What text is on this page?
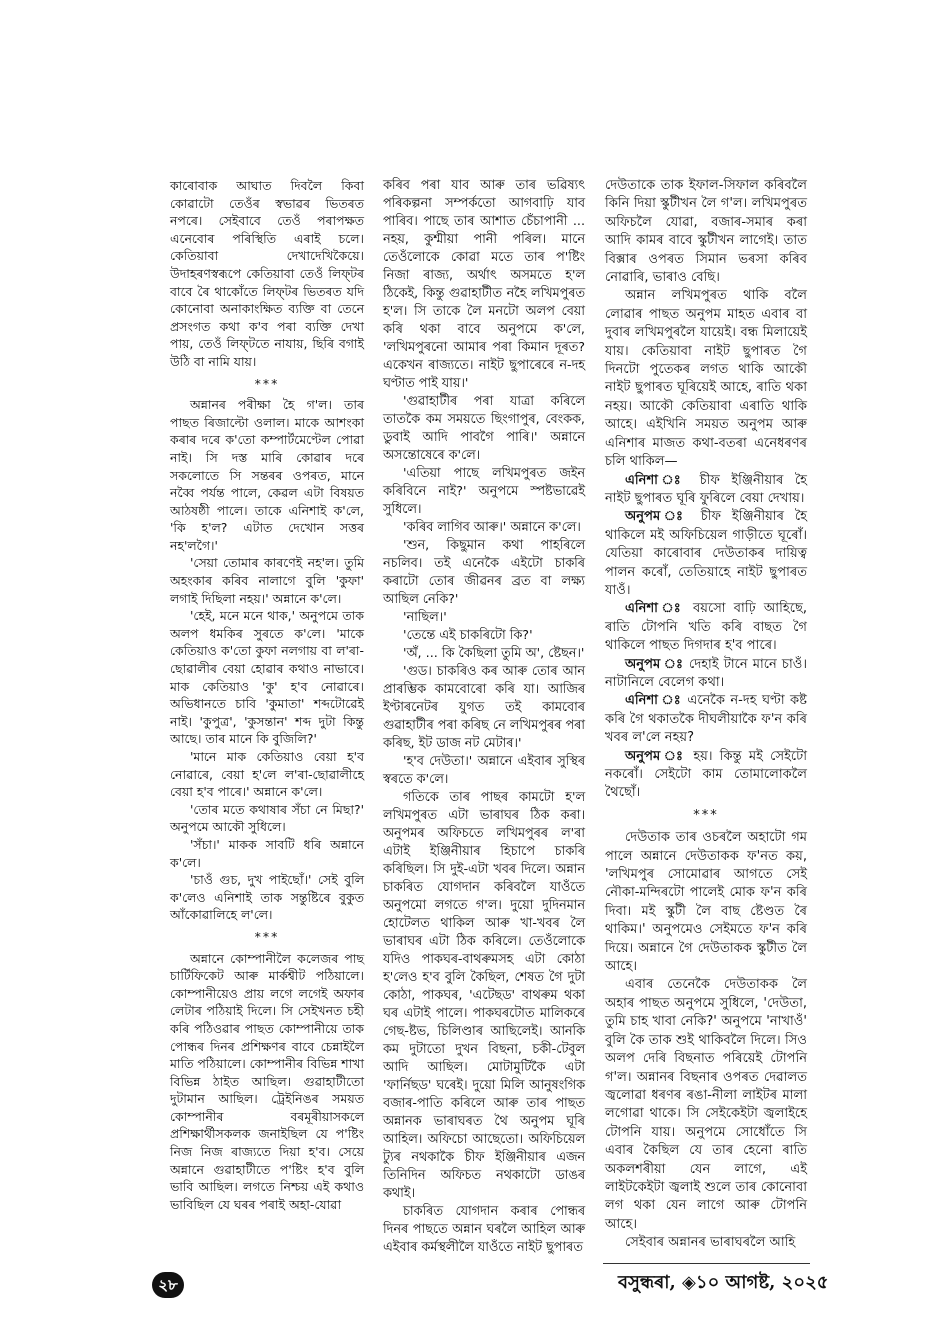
কাৰোবাক আঘাত দিবলৈ কিবা কোৱাটো তেওঁৰ স্বভাৱৰ ভিতৰত নপৰে। সেইবাবে তেওঁ পৰাপক্ষত এনেবোৰ পৰিস্থিতি এৰাই চলে। কেতিয়াবা দেখাদেখিকৈয়ে। উদাহৰণস্বৰূপে কেতিয়াবা তেওঁ লিফ্‌টৰ বাবে ৰৈ থাকোঁতে লিফ্‌টৰ ভিতৰত যদি কোনোবা অনাকাংক্ষিত ব্যক্তি বা তেনে প্ৰসংগত কথা ক'ব পৰা ব্যক্তি দেখা পায়, তেওঁ লিফ্‌টতে নাযায়, ছিৰি বগাই উঠি বা নামি যায়।

***

অন্নানৰ পৰীক্ষা হৈ গ'ল। তাৰ পাছত ৰিজাল্টো ওলাল। মাকে আশংকা কৰাৰ দৰে ক'তো কম্পাৰ্টমেণ্টেল পোৱা নাই। সি দস্ত মাৰি কোৱাৰ দৰে সকলোতে সি সন্তৰৰ ওপৰত, মানে নব্বৈ পৰ্যন্ত পালে, কেৱল এটা বিষয়ত আঠষষ্ঠী পালে। তাকে এনিশাই ক'লে, 'কি হ'ল? এটাত দেখোন সত্তৰ নহ'লগৈ।'

'সেয়া তোমাৰ কাৰণেই নহ'ল। তুমি অহংকাৰ কৰিব নালাগে বুলি 'কুফা' লগাই দিছিলা নহয়।' অন্নানে ক'লে।

'হেই, মনে মনে থাক,' অনুপমে তাক অলপ ধমকিৰ সুৰতে ক'লে। 'মাকে কেতিয়াও ক'তো কুফা নলগায় বা ল'ৰা-ছোৱালীৰ বেয়া হোৱাৰ কথাও নাভাবে। মাক কেতিয়াও 'কু' হ'ব নোৱাৰে। অভিধানতে চাবি 'কুমাতা' শব্দটোৱেই নাই। 'কুপুত্ৰ', 'কুসন্তান' শব্দ দুটা কিন্তু আছে। তাৰ মানে কি বুজিলি?'

'মানে মাক কেতিয়াও বেয়া হ'ব নোৱাৰে, বেয়া হ'লে ল'ৰা-ছোৱালীহে বেয়া হ'ব পাৰে।' অন্নানে ক'লে।

'তোৰ মতে কথাষাৰ সঁচা নে মিছা?' অনুপমে আকৌ সুধিলে।

'সঁচা।' মাকক সাবটি ধৰি অন্নানে ক'লে।

'চাওঁ গুচ, দুখ পাইছোঁ।' সেই বুলি ক'লেও এনিশাই তাক সন্তুষ্টিৰে বুকুত আঁকোৱালিহে ল'লে।

***

অন্নানে কোম্পানীলৈ কলেজৰ পাছ চাৰ্টিফিকেট আৰু মাৰ্কশ্বীট পঠিয়ালে। কোম্পানীয়েও প্ৰায় লগে লগেই অফাৰ লেটাৰ পঠিয়াই দিলে। সি সেইখনত চহী কৰি পঠিওৱাৰ পাছত কোম্পানীয়ে তাক পোন্ধৰ দিনৰ প্ৰশিক্ষণৰ বাবে চেন্নাইলৈ মাতি পঠিয়ালে। কোম্পানীৰ বিভিন্ন শাখা বিভিন্ন ঠাইত আছিল। গুৱাহাটীতো দুটামান আছিল। ট্ৰেইনিঙৰ সময়ত কোম্পানীৰ বৰমূৰীয়াসকলে প্ৰশিক্ষাৰ্থীসকলক জনাইছিল যে প'ষ্টিং নিজ নিজ ৰাজ্যতে দিয়া হ'ব। সেয়ে অন্নানে গুৱাহাটীতে প'ষ্টিং হ'ব বুলি ভাবি আছিল। লগতে নিশ্চয় এই কথাও ভাবিছিল যে ঘৰৰ পৰাই অহা-যোৱা

কৰিব পৰা যাব আৰু তাৰ ভৱিষ্যৎ পৰিকল্পনা সম্পৰ্কতো আগবাঢ়ি যাব পাৰিব। পাছে তাৰ আশাত চেঁচাপানী ... নহয়, কুশ্মীয়া পানী পৰিল। মানে তেওঁলোকে কোৱা মতে তাৰ প'ষ্টিং নিজা ৰাজ্য, অৰ্থাৎ অসমতে হ'ল ঠিকেই, কিন্তু গুৱাহাটীত নহৈ লখিমপুৰত হ'ল। সি তাকে লৈ মনটো অলপ বেয়া কৰি থকা বাবে অনুপমে ক'লে, 'লখিমপুৰনো আমাৰ পৰা কিমান দূৰত? একেখন ৰাজ্যতে। নাইট ছুপাৰেৰে ন-দহ ঘণ্টাত পাই যায়।'

'গুৱাহাটীৰ পৰা যাত্ৰা কৰিলে তাতকৈ কম সময়তে ছিংগাপুৰ, বেংকক, ডুবাই আদি পাবগৈ পাৰি।' অন্নানে অসন্তোষেৰে ক'লে।

'এতিয়া পাছে লখিমপুৰত জইন কৰিবিনে নাই?' অনুপমে স্পষ্টভাৱেই সুধিলে।

'কৰিব লাগিব আৰু।' অন্নানে ক'লে।

'শুন, কিছুমান কথা পাহৰিলে নচলিব। তই এনেকৈ এইটো চাকৰি কৰাটো তোৰ জীৱনৰ ব্ৰত বা লক্ষ্য আছিল নেকি?'

'নাছিল।'

'তেন্তে এই চাকৰিটো কি?'

'অঁ, ... কি কৈছিলা তুমি অ', ষ্টেছন।'

'গুড। চাকৰিও কৰ আৰু তোৰ আন প্ৰাৰম্ভিক কামবোৰো কৰি যা। আজিৰ ইণ্টাৰনেটৰ যুগত তই কামবোৰ গুৱাহাটীৰ পৰা কৰিছ নে লখিমপুৰৰ পৰা কৰিছ, ইট ডাজ নট মেটাৰ।'

'হ'ব দেউতা।' অন্নানে এইবাৰ সুস্থিৰ স্বৰতে ক'লে।

গতিকে তাৰ পাছৰ কামটো হ'ল লখিমপুৰত এটা ভাৰাঘৰ ঠিক কৰা। অনুপমৰ অফিচতে লখিমপুৰৰ ল'ৰা এটাই ইঞ্জিনীয়াৰ হিচাপে চাকৰি কৰিছিল। সি দুই-এটা খবৰ দিলে। অন্নান চাকৰিত যোগদান কৰিবলৈ যাওঁতে অনুপমো লগতে গ'ল। দুয়ো দুদিনমান হোটেলত থাকিল আৰু খা-খবৰ লৈ ভাৰাঘৰ এটা ঠিক কৰিলে। তেওঁলোকে যদিও পাকঘৰ-বাথৰুমসহ এটা কোঠা হ'লেও হ'ব বুলি কৈছিল, শেষত গৈ দুটা কোঠা, পাকঘৰ, 'এটেছড' বাথৰুম থকা ঘৰ এটাই পালে। পাকঘৰটোত মালিকৰে গেছ-ষ্টভ, চিলিণ্ডাৰ আছিলেই। আনকি কম দুটাতো দুখন বিছনা, চকী-টেবুল আদি আছিল। মোটামুটিকৈ এটা 'ফাৰ্নিছড' ঘৰেই। দুয়ো মিলি আনুষংগিক বজাৰ-পাতি কৰিলে আৰু তাৰ পাছত অন্নানক ভাৰাঘৰত থৈ অনুপম ঘূৰি আহিল। অফিচো আছেতো। অফিচিয়েল ট্যুৰ নথকাকৈ চীফ ইঞ্জিনীয়াৰ এজন তিনিদিন অফিচত নথকাটো ডাঙৰ কথাই।

চাকৰিত যোগদান কৰাৰ পোন্ধৰ দিনৰ পাছতে অন্নান ঘৰলৈ আহিল আৰু এইবাৰ কৰ্মস্থলীলৈ যাওঁতে নাইট ছুপাৰত

দেউতাকে তাক ইফাল-সিফাল কৰিবলৈ কিনি দিয়া স্কুটীখন লৈ গ'ল। লখিমপুৰত অফিচলৈ যোৱা, বজাৰ-সমাৰ কৰা আদি কামৰ বাবে স্কুটীখন লাগেই। তাত বিক্সাৰ ওপৰত সিমান ভৰসা কৰিব নোৱাৰি, ভাৰাও বেছি।

অন্নান লখিমপুৰত থাকি বলৈ লোৱাৰ পাছত অনুপম মাহত এবাৰ বা দুবাৰ লখিমপুৰলৈ যায়েই। বন্ধ মিলায়েই যায়। কেতিয়াবা নাইট ছুপাৰত গৈ দিনটো পুতেকৰ লগত থাকি আকৌ নাইট ছুপাৰত ঘূৰিয়েই আহে, ৰাতি থকা নহয়। আকৌ কেতিয়াবা এৰাতি থাকি আহে। এইখিনি সময়ত অনুপম আৰু এনিশাৰ মাজত কথা-বতৰা এনেধৰণৰ চলি থাকিল—

এনিশা ঃ চীফ ইঞ্জিনীয়াৰ হৈ নাইট ছুপাৰত ঘূৰি ফুৰিলে বেয়া দেখায়।

অনুপম ঃ চীফ ইঞ্জিনীয়াৰ হৈ থাকিলে মই অফিচিয়েল গাড়ীতে ঘূৰোঁ। যেতিয়া কাৰোবাৰ দেউতাকৰ দায়িত্ব পালন কৰোঁ, তেতিয়াহে নাইট ছুপাৰত যাওঁ।

এনিশা ঃ বয়সো বাঢ়ি আহিছে, ৰাতি টোপনি খতি কৰি বাছত গৈ থাকিলে পাছত দিগদাৰ হ'ব পাৰে।

অনুপম ঃ দেহাই টানে মানে চাওঁ। নাটানিলে বেলেগ কথা।

এনিশা ঃ এনেকৈ ন-দহ ঘণ্টা কষ্ট কৰি গৈ থকাতকৈ দীঘলীয়াকৈ ফ'ন কৰি খবৰ ল'লে নহয়?

অনুপম ঃ হয়। কিন্তু মই সেইটো নকৰোঁ। সেইটো কাম তোমালোকলৈ থৈছোঁ।

***

দেউতাক তাৰ ওচৰলৈ অহাটো গম পালে অন্নানে দেউতাকক ফ'নত কয়, 'লখিমপুৰ সোমোৱাৰ আগতে সেই নৌকা-মন্দিৰটো পালেই মোক ফ'ন কৰি দিবা। মই স্কুটী লৈ বাছ ষ্টেণ্ডত ৰৈ থাকিম।' অনুপমেও সেইমতে ফ'ন কৰি দিয়ে। অন্নানে গৈ দেউতাকক স্কুটীত লৈ আহে।

এবাৰ তেনেকৈ দেউতাকক লৈ অহাৰ পাছত অনুপমে সুধিলে, 'দেউতা, তুমি চাহ খাবা নেকি?' অনুপমে 'নাখাওঁ' বুলি কৈ তাক শুই থাকিবলৈ দিলে। সিও অলপ দেৰি বিছনাত পৰিয়েই টোপনি গ'ল। অন্নানৰ বিছনাৰ ওপৰত দেৱালত জ্বলোৱা ধৰণৰ ৰঙা-নীলা লাইটৰ মালা লগোৱা থাকে। সি সেইকেইটা জ্বলাইহে টোপনি যায়। অনুপমে সোধোঁতে সি এবাৰ কৈছিল যে তাৰ হেনো ৰাতি অকলশৰীয়া যেন লাগে, এই লাইটকেইটা জ্বলাই শুলে তাৰ কোনোবা লগ থকা যেন লাগে আৰু টোপনি আহে।

সেইবাৰ অন্নানৰ ভাৰাঘৰলৈ আহি

২৮	বসুন্ধৰা, ◈১০ আগষ্ট, ২০২৫
